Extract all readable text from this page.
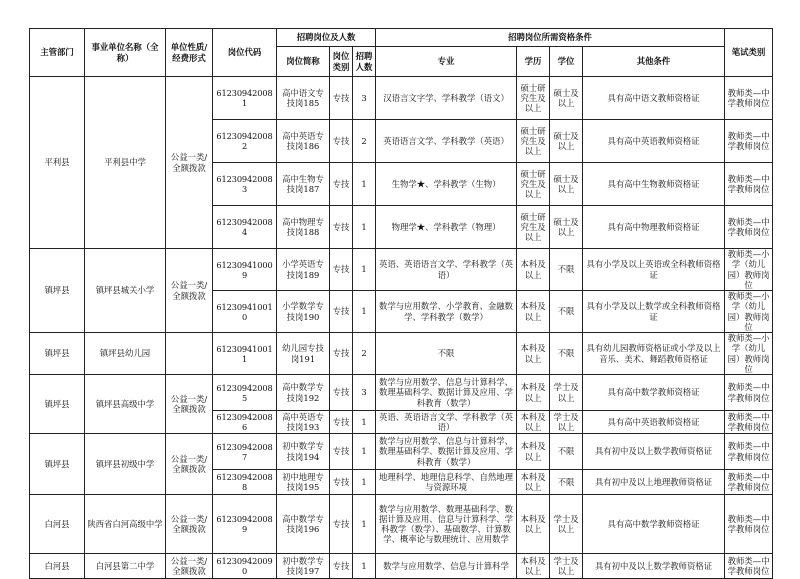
主管部门	事业单位名称（全称）	单位性质/经费形式	岗位代码	招聘岗位及人数			招聘岗位所需资格条件				笔试类别
				岗位简称	岗位类别	招聘人数	专业	学历	学位	其他条件	
平利县	平利县中学	公益一类/全额拨款	612309420081	高中语文专技岗185	专技	3	汉语言文字学、学科教学（语文）	硕士研究生及以上	硕士及以上	具有高中语文教师资格证	教师类—中学教师岗位
			612309420082	高中英语专技岗186	专技	2	英语语言文学、学科教学（英语）	硕士研究生及以上	硕士及以上	具有高中英语教师资格证	教师类—中学教师岗位
			612309420083	高中生物专技岗187	专技	1	生物学★、学科教学（生物）	硕士研究生及以上	硕士及以上	具有高中生物教师资格证	教师类—中学教师岗位
			612309420084	高中物理专技岗188	专技	1	物理学★、学科教学（物理）	硕士研究生及以上	硕士及以上	具有高中物理教师资格证	教师类—中学教师岗位
镇坪县	镇坪县城关小学	公益一类/全额拨款	612309410009	小学英语专技岗189	专技	1	英语、英语语言文学、学科教学（英语）	本科及以上	不限	具有小学及以上英语或全科教师资格证	教师类—小学（幼儿园）教师岗位
			612309410010	小学数学专技岗190	专技	1	数学与应用数学、小学教育、金融数学、学科教学（数学）	本科及以上	不限	具有小学及以上数学或全科教师资格证	教师类—小学（幼儿园）教师岗位
镇坪县	镇坪县幼儿园		612309410011	幼儿园专技岗191	专技	2	不限	本科及以上	不限	具有幼儿园教师资格证或小学及以上音乐、美术、舞蹈教师资格证	教师类—小学（幼儿园）教师岗位
镇坪县	镇坪县高级中学	公益一类/全额拨款	612309420085	高中数学专技岗192	专技	3	数学与应用数学、信息与计算科学、数理基础科学、数据计算及应用、学科教育（数学）	本科及以上	学士及以上	具有高中数学教师资格证	教师类—中学教师岗位
			612309420086	高中英语专技岗193	专技	1	英语、英语语言文学、学科教学（英语）	本科及以上	学士及以上	具有高中英语教师资格证	教师类—中学教师岗位
镇坪县	镇坪县初级中学	公益一类/全额拨款	612309420087	初中数学专技岗194	专技	1	数学与应用数学、信息与计算科学、数理基础科学、数据计算及应用、学科教育（数学）	本科及以上	不限	具有初中及以上数学教师资格证	教师类—中学教师岗位
			612309420088	初中地理专技岗195	专技	1	地理科学、地理信息科学、自然地理与资源环境	本科及以上	不限	具有初中及以上地理教师资格证	教师类—中学教师岗位
白河县	陕西省白河高级中学	公益一类/全额拨款	612309420089	高中数学专技岗196	专技	1	数学与应用数学、数理基础科学、数据计算及应用、信息与计算科学、学科教学（数学）、基础数学、计算数学、概率论与数理统计、应用数学	本科及以上	学士及以上	具有高中数学教师资格证	教师类—中学教师岗位
白河县	白河县第二中学	公益一类/全额拨款	612309420090	初中数学专技岗197	专技	1	数学与应用数学、信息与计算科学	本科及以上	学士及以上	具有初中及以上数学教师资格证	教师类—中学教师岗位
